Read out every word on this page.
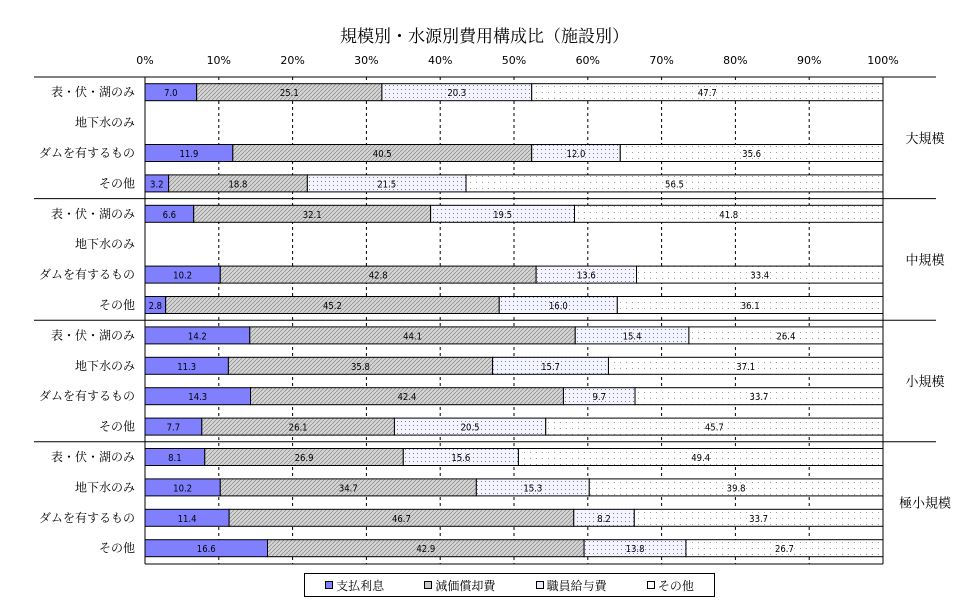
規模別・水源別費用構成比（施設別）
0%	10%	20%	30%	40%	50%	60%	70%	80%	90%	100%
大規模
表・伏・湖のみ	7.0	25.1	20.3	47.7
地下水のみ
ダムを有するもの	11.9	40.5	12.0	35.6
その他 3.2	18.8	21.5	56.5
中規模
表・伏・湖のみ	6.6	32.1	19.5	41.8
地下水のみ
ダムを有するもの	10.2	42.8	13.6	33.4
その他 2.8	45.2	16.0	36.1
小規模
表・伏・湖のみ	14.2	44.1	15.4	26.4
地下水のみ	11.3	35.8	15.7	37.1
ダムを有するもの	14.3	42.4	9.7	33.7
その他	7.7	26.1	20.5	45.7
極小規模
表・伏・湖のみ	8.1	26.9	15.6	49.4
地下水のみ	10.2	34.7	15.3	39.8
ダムを有するもの	11.4	46.7	8.2	33.7
その他	16.6	42.9	13.8	26.7
支払利息	減価償却費	職員給与費	その他
